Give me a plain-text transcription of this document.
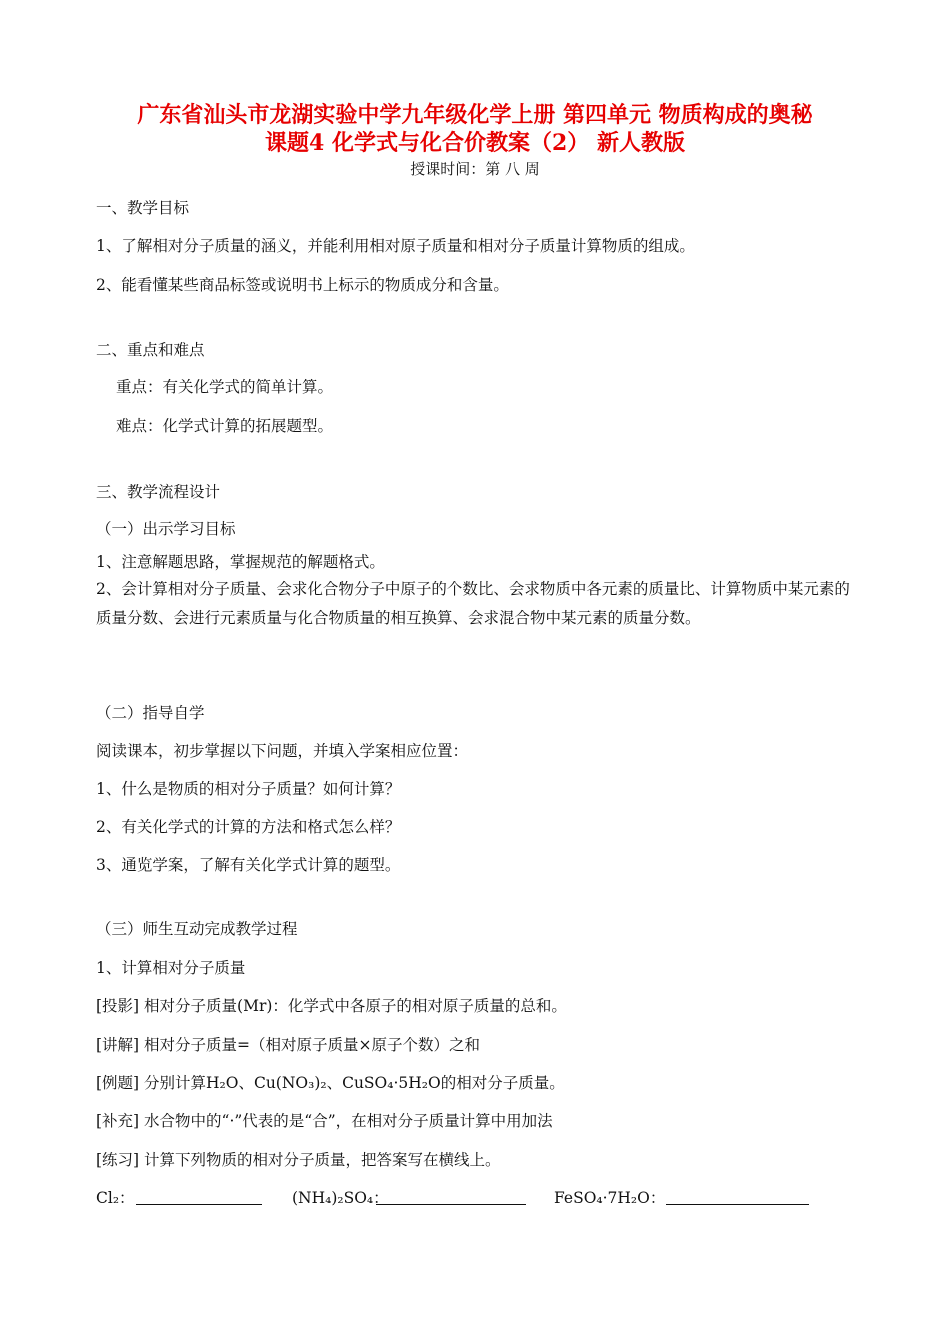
广东省汕头市龙湖实验中学九年级化学上册 第四单元 物质构成的奥秘
课题4 化学式与化合价教案（2） 新人教版
授课时间：第 八 周
一、教学目标
1、了解相对分子质量的涵义，并能利用相对原子质量和相对分子质量计算物质的组成。
2、能看懂某些商品标签或说明书上标示的物质成分和含量。
二、重点和难点
重点：有关化学式的简单计算。
难点：化学式计算的拓展题型。
三、教学流程设计
（一）出示学习目标
1、注意解题思路，掌握规范的解题格式。
2、会计算相对分子质量、会求化合物分子中原子的个数比、会求物质中各元素的质量比、计算物质中某元素的质量分数、会进行元素质量与化合物质量的相互换算、会求混合物中某元素的质量分数。
（二）指导自学
阅读课本，初步掌握以下问题，并填入学案相应位置：
1、什么是物质的相对分子质量？如何计算？
2、有关化学式的计算的方法和格式怎么样？
3、通览学案，了解有关化学式计算的题型。
（三）师生互动完成教学过程
1、计算相对分子质量
[投影] 相对分子质量(Mr)：化学式中各原子的相对原子质量的总和。
[讲解] 相对分子质量=（相对原子质量×原子个数）之和
[例题] 分别计算H₂O、Cu(NO₃)₂、CuSO₄·5H₂O的相对分子质量。
[补充] 水合物中的“·”代表的是“合”，在相对分子质量计算中用加法
[练习] 计算下列物质的相对分子质量，把答案写在横线上。
Cl₂：	(NH₄)₂SO₄：	FeSO₄·7H₂O：
